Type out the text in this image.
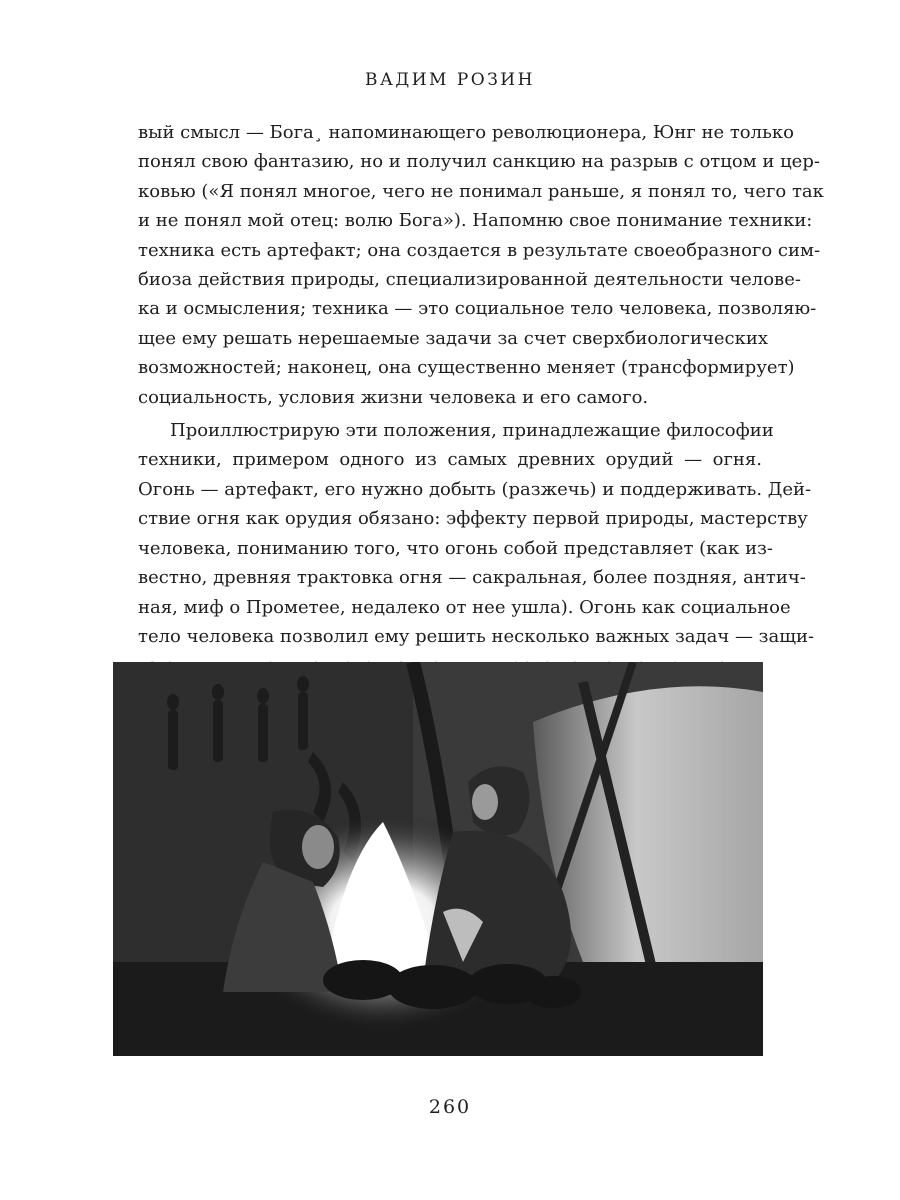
ВАДИМ РОЗИН

вый смысл — Бога¸ напоминающего революционера, Юнг не только
понял свою фантазию, но и получил санкцию на разрыв с отцом и цер-
ковью («Я понял многое, чего не понимал раньше, я понял то, чего так
и не понял мой отец: волю Бога»). Напомню свое понимание техники:
техника есть артефакт; она создается в результате своеобразного сим-
биоза действия природы, специализированной деятельности челове-
ка и осмысления; техника — это социальное тело человека, позволяю-
щее ему решать нерешаемые задачи за счет сверхбиологических
возможностей; наконец, она существенно меняет (трансформирует)
социальность, условия жизни человека и его самого.

Проиллюстрирую эти положения, принадлежащие философии
техники, примером одного из самых древних орудий — огня.
Огонь — артефакт, его нужно добыть (разжечь) и поддерживать. Дей-
ствие огня как орудия обязано: эффекту первой природы, мастерству
человека, пониманию того, что огонь собой представляет (как из-
вестно, древняя трактовка огня — сакральная, более поздняя, антич-
ная, миф о Прометее, недалеко от нее ушла). Огонь как социальное
тело человека позволил ему решить несколько важных задач — защи-

260
